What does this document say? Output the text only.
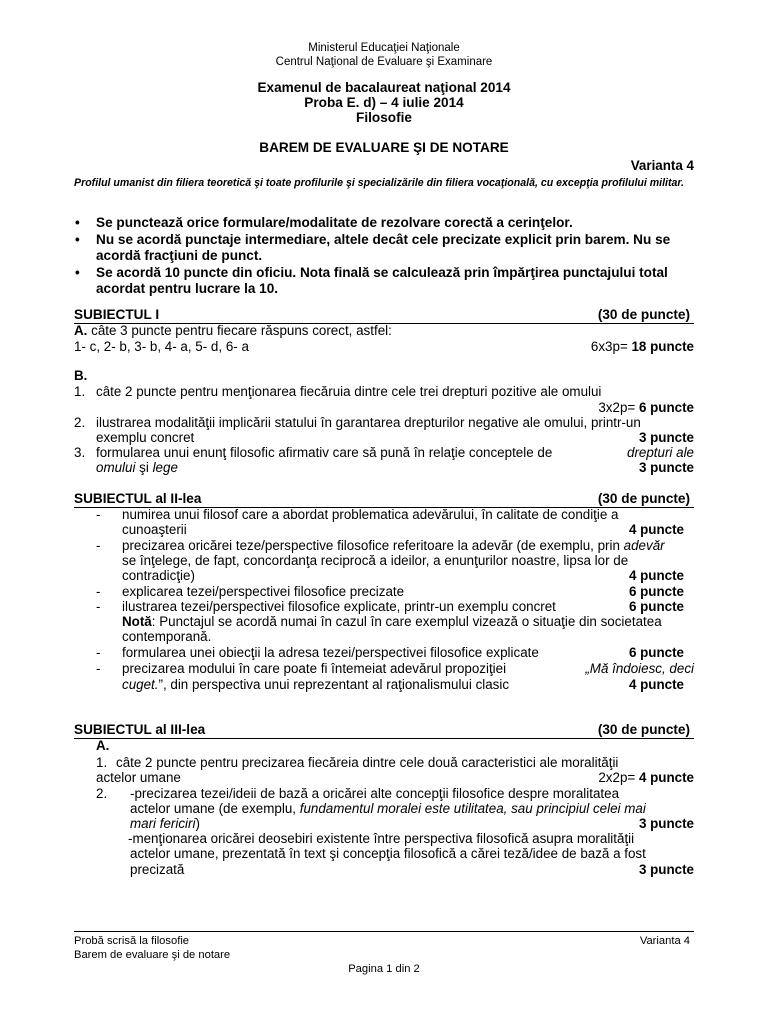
Ministerul Educaţiei Naţionale
Centrul Naţional de Evaluare şi Examinare
Examenul de bacalaureat naţional 2014
Proba E. d) – 4 iulie 2014
Filosofie
BAREM DE EVALUARE ŞI DE NOTARE
Varianta 4
Profilul umanist din filiera teoretică şi toate profilurile şi specializările din filiera vocaţională, cu excepţia profilului militar.
• Se punctează orice formulare/modalitate de rezolvare corectă a cerinţelor.
• Nu se acordă punctaje intermediare, altele decât cele precizate explicit prin barem. Nu se acordă fracţiuni de punct.
• Se acordă 10 puncte din oficiu. Nota finală se calculează prin împărţirea punctajului total acordat pentru lucrare la 10.
SUBIECTUL I	(30 de puncte)
A. câte 3 puncte pentru fiecare răspuns corect, astfel:
1- c, 2- b, 3- b, 4- a, 5- d, 6- a	6x3p= 18 puncte
B.
1. câte 2 puncte pentru menţionarea fiecăruia dintre cele trei drepturi pozitive ale omului
3x2p= 6 puncte
2. ilustrarea modalităţii implicării statului în garantarea drepturilor negative ale omului, printr-un
exemplu concret	3 puncte
3. formularea unui enunţ filosofic afirmativ care să pună în relaţie conceptele de	drepturi ale
omului şi lege	3 puncte
SUBIECTUL al II-lea	(30 de puncte)
- numirea unui filosof care a abordat problematica adevărului, în calitate de condiţie a
cunoaşterii	4 puncte
- precizarea oricărei teze/perspective filosofice referitoare la adevăr (de exemplu, prin adevăr
se înţelege, de fapt, concordanţa reciprocă a ideilor, a enunţurilor noastre, lipsa lor de
contradicţie)	4 puncte
- explicarea tezei/perspectivei filosofice precizate	6 puncte
- ilustrarea tezei/perspectivei filosofice explicate, printr-un exemplu concret	6 puncte
Notă: Punctajul se acordă numai în cazul în care exemplul vizează o situaţie din societatea
contemporană.
- formularea unei obiecţii la adresa tezei/perspectivei filosofice explicate	6 puncte
- precizarea modului în care poate fi întemeiat adevărul propoziţiei	„Mă îndoiesc, deci
cuget.”, din perspectiva unui reprezentant al raţionalismului clasic	4 puncte
SUBIECTUL al III-lea	(30 de puncte)
A.
1. câte 2 puncte pentru precizarea fiecăreia dintre cele două caracteristici ale moralităţii
actelor umane	2x2p= 4 puncte
2. -precizarea tezei/ideii de bază a oricărei alte concepţii filosofice despre moralitatea
actelor umane (de exemplu, fundamentul moralei este utilitatea, sau principiul celei mai
mari fericiri)	3 puncte
-menţionarea oricărei deosebiri existente între perspectiva filosofică asupra moralităţii
actelor umane, prezentată în text şi concepţia filosofică a cărei teză/idee de bază a fost
precizată	3 puncte
Probă scrisă la filosofie
Barem de evaluare şi de notare
Varianta 4
Pagina 1 din 2
